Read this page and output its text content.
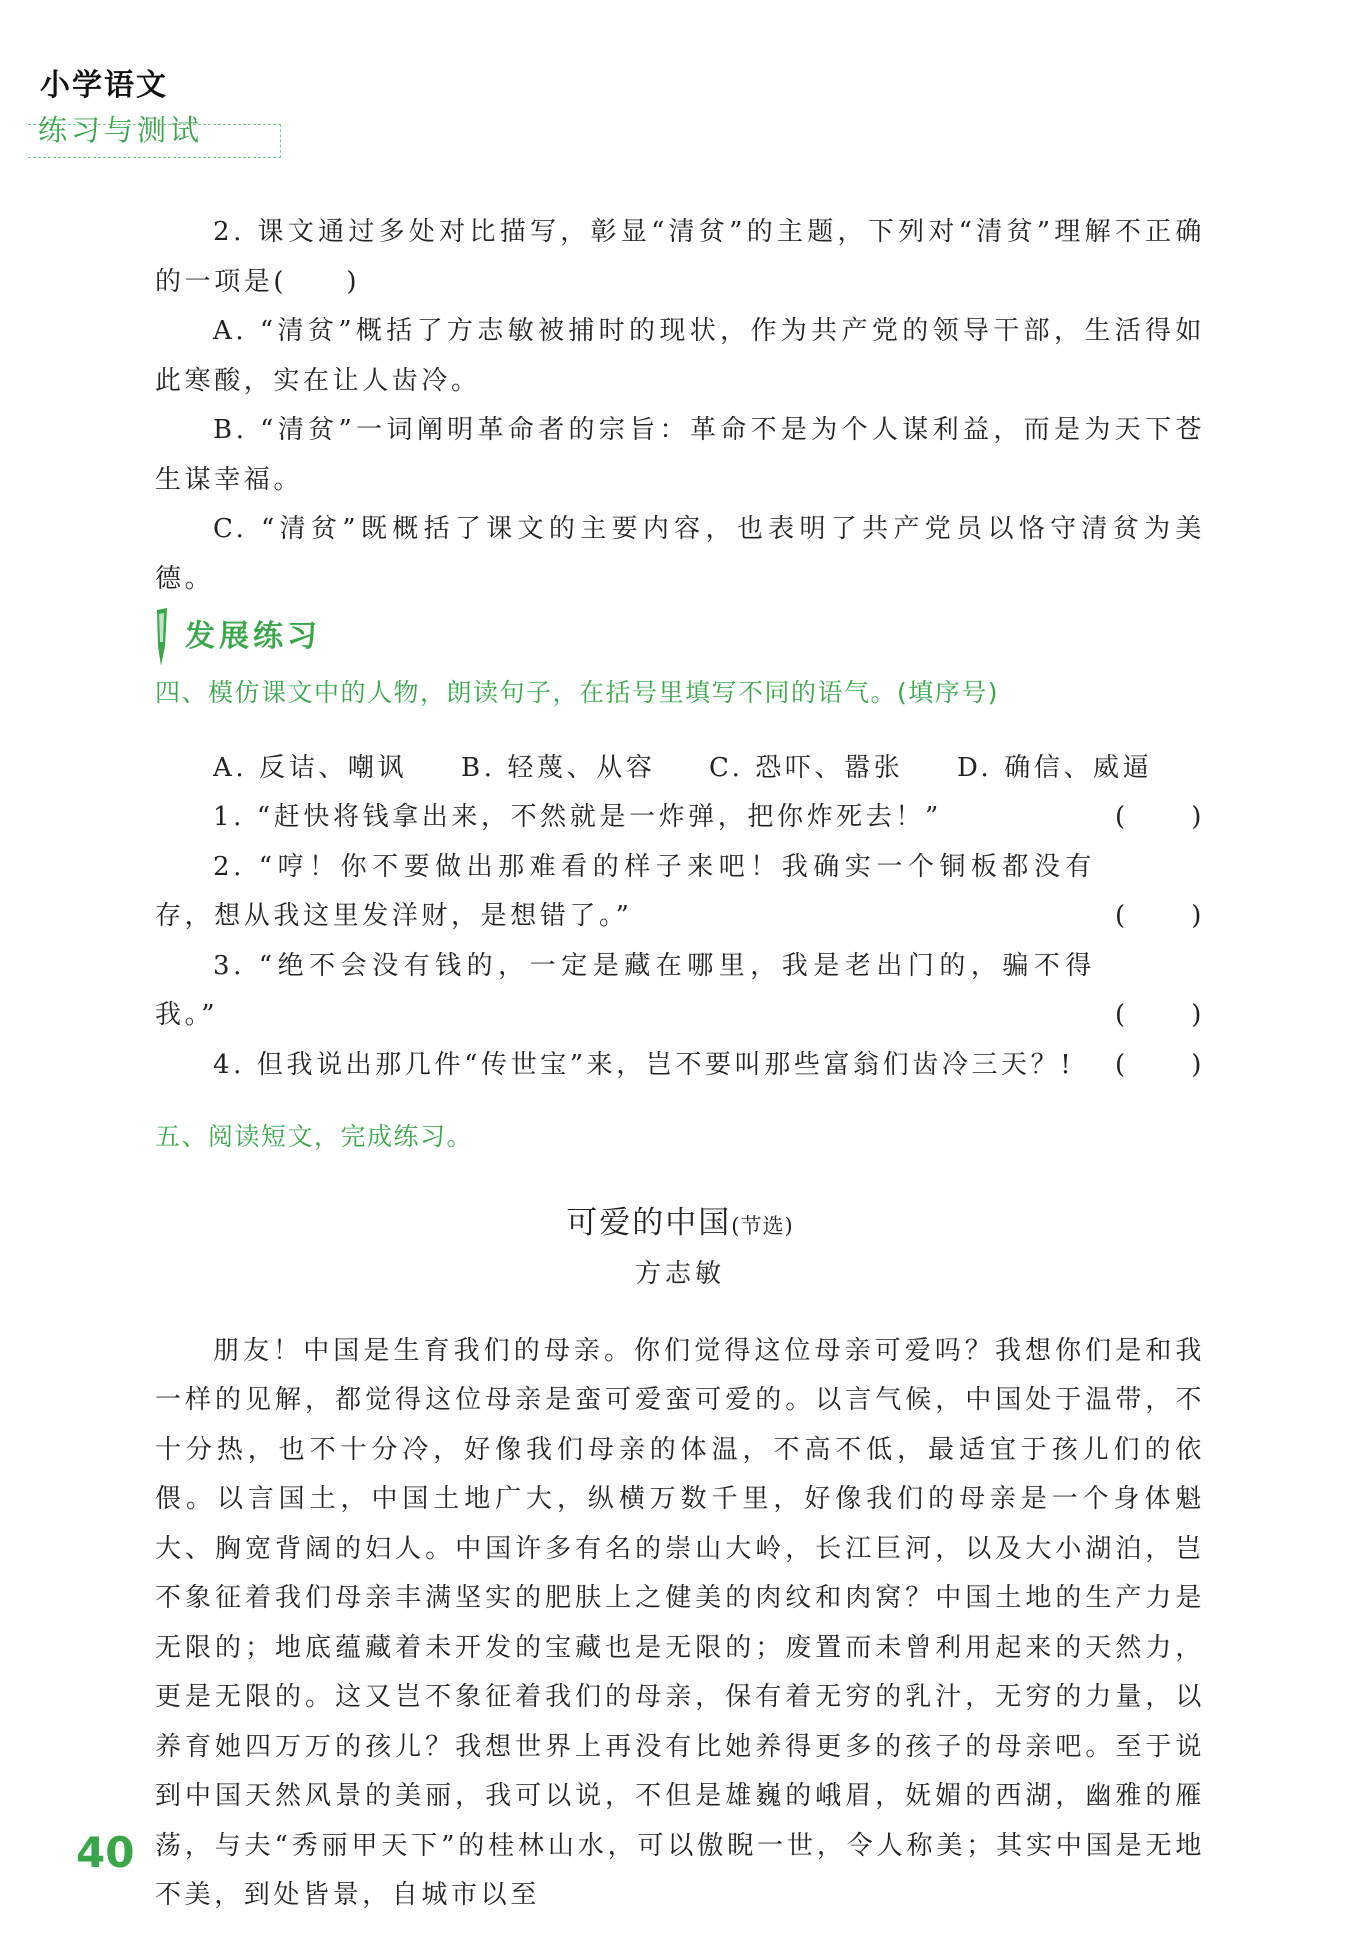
小学语文
练习与测试

2. 课文通过多处对比描写，彰显“清贫”的主题，下列对“清贫”理解不正确的一项是(　　)

A. “清贫”概括了方志敏被捕时的现状，作为共产党的领导干部，生活得如此寒酸，实在让人齿冷。

B. “清贫”一词阐明革命者的宗旨：革命不是为个人谋利益，而是为天下苍生谋幸福。

C. “清贫”既概括了课文的主要内容，也表明了共产党员以恪守清贫为美德。

发展练习

四、模仿课文中的人物，朗读句子，在括号里填写不同的语气。(填序号)

A. 反诘、嘲讽	B. 轻蔑、从容	C. 恐吓、嚣张	D. 确信、威逼

1. “赶快将钱拿出来，不然就是一炸弹，把你炸死去！”	( )

2. “哼！你不要做出那难看的样子来吧！我确实一个铜板都没有存，想从我这里发洋财，是想错了。”	( )

3. “绝不会没有钱的，一定是藏在哪里，我是老出门的，骗不得我。”	( )

4. 但我说出那几件“传世宝”来，岂不要叫那些富翁们齿冷三天？!	( )

五、阅读短文，完成练习。

可爱的中国(节选)
方志敏

朋友！中国是生育我们的母亲。你们觉得这位母亲可爱吗？我想你们是和我一样的见解，都觉得这位母亲是蛮可爱蛮可爱的。以言气候，中国处于温带，不十分热，也不十分冷，好像我们母亲的体温，不高不低，最适宜于孩儿们的依偎。以言国土，中国土地广大，纵横万数千里，好像我们的母亲是一个身体魁大、胸宽背阔的妇人。中国许多有名的崇山大岭，长江巨河，以及大小湖泊，岂不象征着我们母亲丰满坚实的肥肤上之健美的肉纹和肉窝？中国土地的生产力是无限的；地底蕴藏着未开发的宝藏也是无限的；废置而未曾利用起来的天然力，更是无限的。这又岂不象征着我们的母亲，保有着无穷的乳汁，无穷的力量，以养育她四万万的孩儿？我想世界上再没有比她养得更多的孩子的母亲吧。至于说到中国天然风景的美丽，我可以说，不但是雄巍的峨眉，妩媚的西湖，幽雅的雁荡，与夫“秀丽甲天下”的桂林山水，可以傲睨一世，令人称美；其实中国是无地不美，到处皆景，自城市以至

40
